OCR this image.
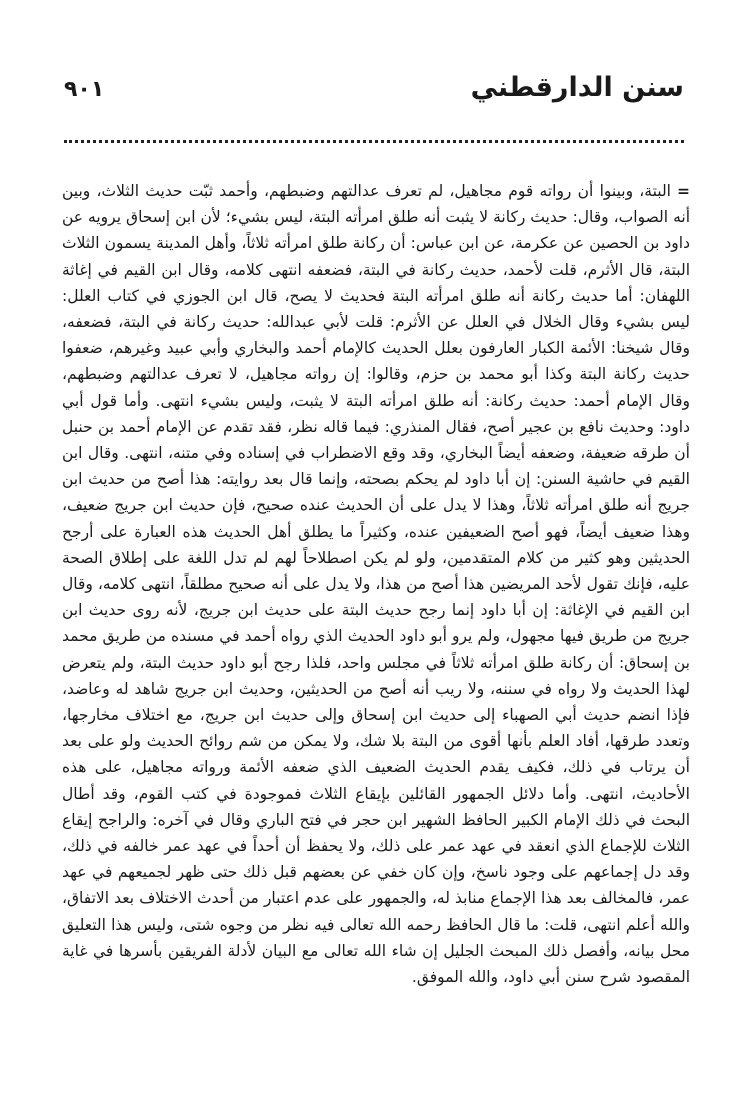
سنن الدارقطني
٩٠١

=البتة، وبينوا أن رواته قوم مجاهيل، لم تعرف عدالتهم وضبطهم، وأحمد ثبّت حديث الثلاث، وبين أنه الصواب، وقال: حديث ركانة لا يثبت أنه طلق امرأته البتة، ليس بشيء؛ لأن ابن إسحاق يرويه عن داود بن الحصين عن عكرمة، عن ابن عباس: أن ركانة طلق امرأته ثلاثاً، وأهل المدينة يسمون الثلاث البتة، قال الأثرم، قلت لأحمد، حديث ركانة في البتة، فضعفه انتهى كلامه، وقال ابن القيم في إغاثة اللهفان: أما حديث ركانة أنه طلق امرأته البتة فحديث لا يصح، قال ابن الجوزي في كتاب العلل: ليس بشيء وقال الخلال في العلل عن الأثرم: قلت لأبي عبدالله: حديث ركانة في البتة، فضعفه، وقال شيخنا: الأئمة الكبار العارفون بعلل الحديث كالإمام أحمد والبخاري وأبي عبيد وغيرهم، ضعفوا حديث ركانة البتة وكذا أبو محمد بن حزم، وقالوا: إن رواته مجاهيل، لا تعرف عدالتهم وضبطهم، وقال الإمام أحمد: حديث ركانة: أنه طلق امرأته البتة لا يثبت، وليس بشيء انتهى. وأما قول أبي داود: وحديث نافع بن عجير أصح، فقال المنذري: فيما قاله نظر، فقد تقدم عن الإمام أحمد بن حنبل أن طرقه ضعيفة، وضعفه أيضاً البخاري، وقد وقع الاضطراب في إسناده وفي متنه، انتهى. وقال ابن القيم في حاشية السنن: إن أبا داود لم يحكم بصحته، وإنما قال بعد روايته: هذا أصح من حديث ابن جريج أنه طلق امرأته ثلاثاً، وهذا لا يدل على أن الحديث عنده صحيح، فإن حديث ابن جريج ضعيف، وهذا ضعيف أيضاً، فهو أصح الضعيفين عنده، وكثيراً ما يطلق أهل الحديث هذه العبارة على أرجح الحديثين وهو كثير من كلام المتقدمين، ولو لم يكن اصطلاحاً لهم لم تدل اللغة على إطلاق الصحة عليه، فإنك تقول لأحد المريضين هذا أصح من هذا، ولا يدل على أنه صحيح مطلقاً، انتهى كلامه، وقال ابن القيم في الإغاثة: إن أبا داود إنما رجح حديث البتة على حديث ابن جريج، لأنه روى حديث ابن جريج من طريق فيها مجهول، ولم يرو أبو داود الحديث الذي رواه أحمد في مسنده من طريق محمد بن إسحاق: أن ركانة طلق امرأته ثلاثاً في مجلس واحد، فلذا رجح أبو داود حديث البتة، ولم يتعرض لهذا الحديث ولا رواه في سننه، ولا ريب أنه أصح من الحديثين، وحديث ابن جريج شاهد له وعاضد، فإذا انضم حديث أبي الصهباء إلى حديث ابن إسحاق وإلى حديث ابن جريج، مع اختلاف مخارجها، وتعدد طرقها، أفاد العلم بأنها أقوى من البتة بلا شك، ولا يمكن من شم روائح الحديث ولو على بعد أن يرتاب في ذلك، فكيف يقدم الحديث الضعيف الذي ضعفه الأئمة ورواته مجاهيل، على هذه الأحاديث، انتهى. وأما دلائل الجمهور القائلين بإيقاع الثلاث فموجودة في كتب القوم، وقد أطال البحث في ذلك الإمام الكبير الحافظ الشهير ابن حجر في فتح الباري وقال في آخره: والراجح إيقاع الثلاث للإجماع الذي انعقد في عهد عمر على ذلك، ولا يحفظ أن أحداً في عهد عمر خالفه في ذلك، وقد دل إجماعهم على وجود ناسخ، وإن كان خفي عن بعضهم قبل ذلك حتى ظهر لجميعهم في عهد عمر، فالمخالف بعد هذا الإجماع منابذ له، والجمهور على عدم اعتبار من أحدث الاختلاف بعد الاتفاق، والله أعلم انتهى، قلت: ما قال الحافظ رحمه الله تعالى فيه نظر من وجوه شتى، وليس هذا التعليق محل بيانه، وأفصل ذلك المبحث الجليل إن شاء الله تعالى مع البيان لأدلة الفريقين بأسرها في غاية المقصود شرح سنن أبي داود، والله الموفق.
